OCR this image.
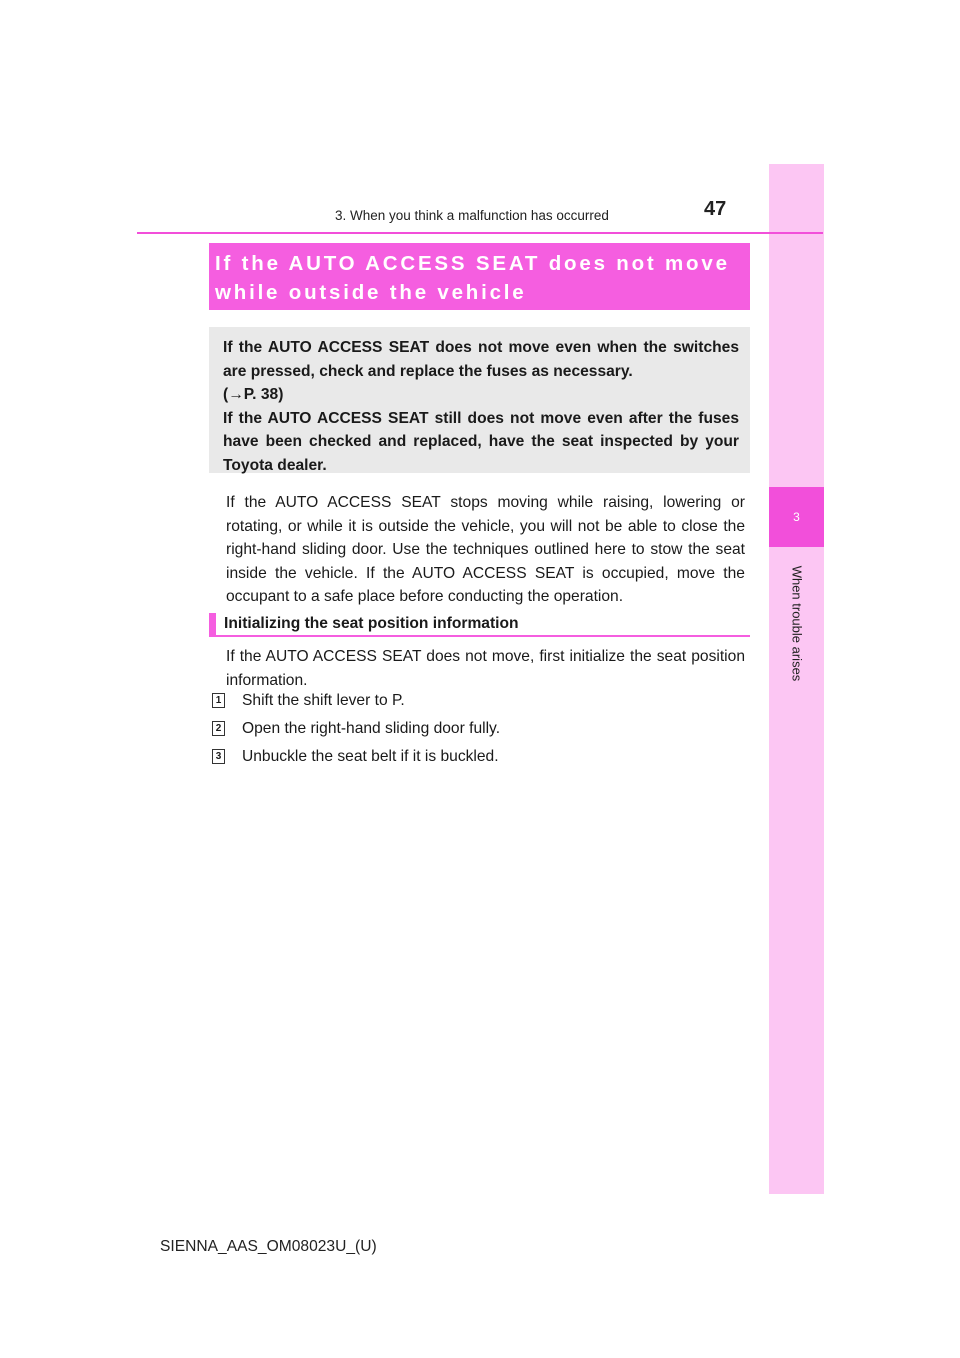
3
When trouble arises
3. When you think a malfunction has occurred	47
If the AUTO ACCESS SEAT does not move
while outside the vehicle

If the AUTO ACCESS SEAT does not move even when the switches are pressed, check and replace the fuses as necessary.
(→P. 38)

If the AUTO ACCESS SEAT still does not move even after the fuses have been checked and replaced, have the seat inspected by your Toyota dealer.

If the AUTO ACCESS SEAT stops moving while raising, lowering or rotating, or while it is outside the vehicle, you will not be able to close the right-hand sliding door. Use the techniques outlined here to stow the seat inside the vehicle. If the AUTO ACCESS SEAT is occupied, move the occupant to a safe place before conducting the operation.

Initializing the seat position information

If the AUTO ACCESS SEAT does not move, first initialize the seat position information.

1 Shift the shift lever to P.
2 Open the right-hand sliding door fully.
3 Unbuckle the seat belt if it is buckled.
SIENNA_AAS_OM08023U_(U)
